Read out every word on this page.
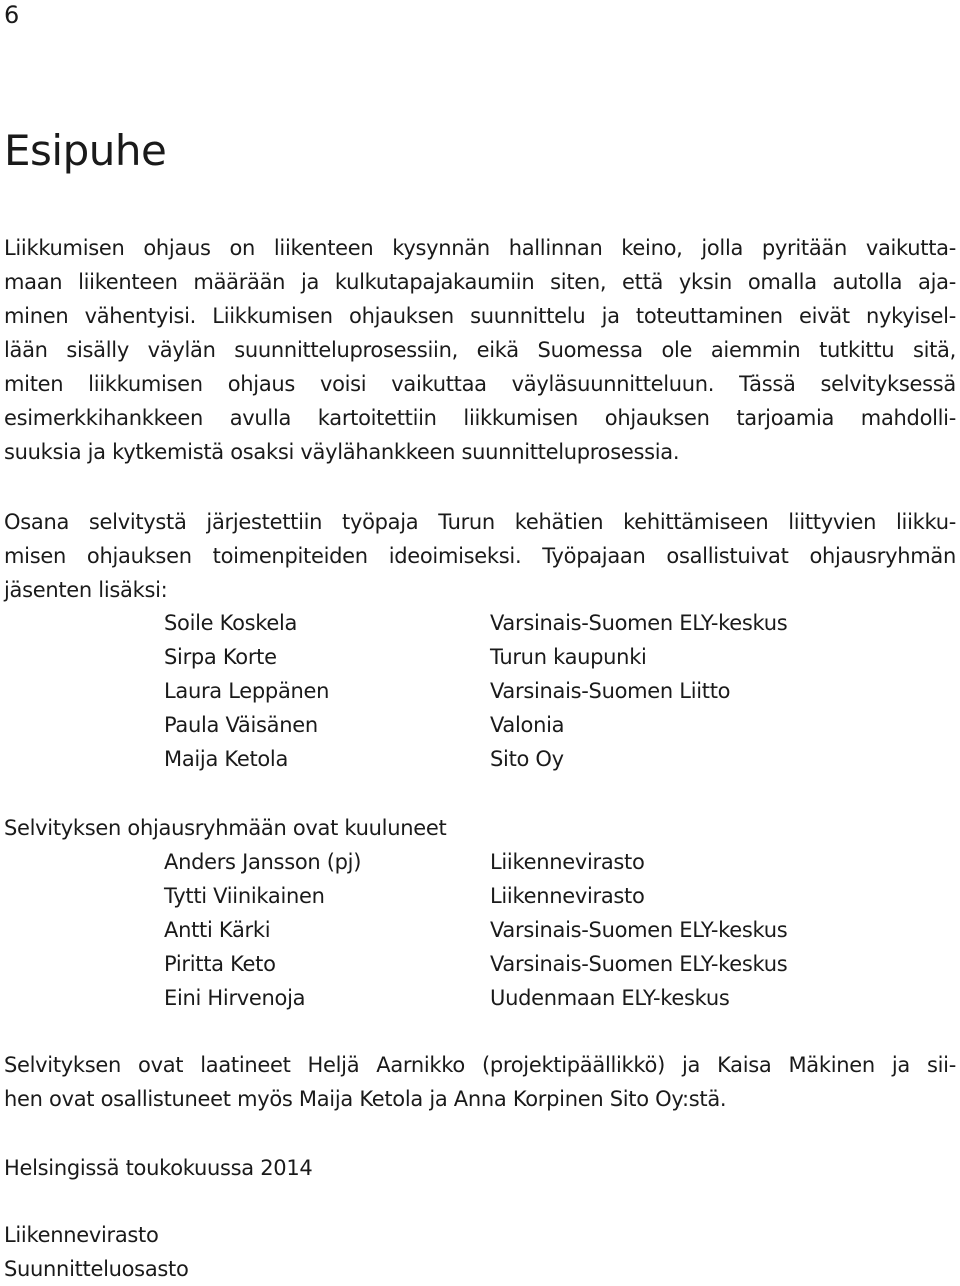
6
Esipuhe

Liikkumisen ohjaus on liikenteen kysynnän hallinnan keino, jolla pyritään vaikutta-
maan liikenteen määrään ja kulkutapajakaumiin siten, että yksin omalla autolla aja-
minen vähentyisi. Liikkumisen ohjauksen suunnittelu ja toteuttaminen eivät nykyisel-
lään sisälly väylän suunnitteluprosessiin, eikä Suomessa ole aiemmin tutkittu sitä,
miten liikkumisen ohjaus voisi vaikuttaa väyläsuunnitteluun. Tässä selvityksessä
esimerkkihankkeen avulla kartoitettiin liikkumisen ohjauksen tarjoamia mahdolli-
suuksia ja kytkemistä osaksi väylähankkeen suunnitteluprosessia.

Osana selvitystä järjestettiin työpaja Turun kehätien kehittämiseen liittyvien liikku-
misen ohjauksen toimenpiteiden ideoimiseksi. Työpajaan osallistuivat ohjausryhmän
jäsenten lisäksi:

Soile Koskela	Varsinais-Suomen ELY-keskus
Sirpa Korte	Turun kaupunki
Laura Leppänen	Varsinais-Suomen Liitto
Paula Väisänen	Valonia
Maija Ketola	Sito Oy
Selvityksen ohjausryhmään ovat kuuluneet
Anders Jansson (pj)	Liikennevirasto
Tytti Viinikainen	Liikennevirasto
Antti Kärki	Varsinais-Suomen ELY-keskus
Piritta Keto	Varsinais-Suomen ELY-keskus
Eini Hirvenoja	Uudenmaan ELY-keskus

Selvityksen ovat laatineet Heljä Aarnikko (projektipäällikkö) ja Kaisa Mäkinen ja sii-
hen ovat osallistuneet myös Maija Ketola ja Anna Korpinen Sito Oy:stä.

Helsingissä toukokuussa 2014

Liikennevirasto
Suunnitteluosasto
